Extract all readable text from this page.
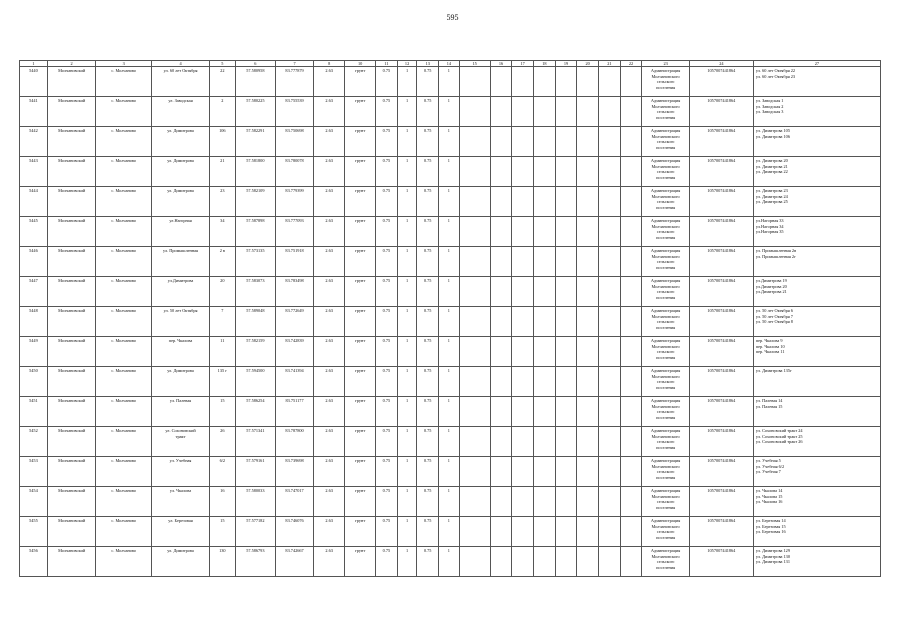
595
1	2	3	4	5	6	7	8	10	11	12	13	14	15	16	17	18	19	20	21	22	23	24	27
5440	Молчановский	с. Молчаново	ул. 60 лет Октября	22	57.580958	83.777879	2.63	грунт	0.75	1	0.75	1									Администрация
Молчановского
сельского
поселения	1057007441864	ул. 60 лет Октября 22
ул. 60 лет Октября 23
5441	Молчановский	с. Молчаново	ул. Заводская	2	57.580225	83.755539	2.63	грунт	0.75	1	0.75	1									Администрация
Молчановского
сельского
поселения	1057007441864	ул. Заводская 1
ул. Заводская 2
ул. Заводская 3
5442	Молчановский	с. Молчаново	ул. Димитрова	106	57.582291	83.750698	2.63	грунт	0.75	1	0.75	1									Администрация
Молчановского
сельского
поселения	1057007441864	ул. Димитрова 105
ул. Димитрова 106
5443	Молчановский	с. Молчаново	ул. Димитрова	21	57.581800	83.780078	2.63	грунт	0.75	1	0.75	1									Администрация
Молчановского
сельского
поселения	1057007441864	ул. Димитрова 20
ул. Димитрова 21
ул. Димитрова 22
5444	Молчановский	с. Молчаново	ул. Димитрова	23	57.582109	83.779399	2.63	грунт	0.75	1	0.75	1									Администрация
Молчановского
сельского
поселения	1057007441864	ул. Димитрова 23
ул. Димитрова 24
ул. Димитрова 25
5445	Молчановский	с. Молчаново	ул.Нагорная	34	57.587898	83.777093	2.63	грунт	0.75	1	0.75	1									Администрация
Молчановского
сельского
поселения	1057007441864	ул.Нагорная 33
ул.Нагорная 34
ул.Нагорная 35
5446	Молчановский	с. Молчаново	ул. Промышленная	2 в	57.573135	83.751918	2.63	грунт	0.75	1	0.75	1									Администрация
Молчановского
сельского
поселения	1057007441864	ул. Промышленная 2в
ул. Промышленная 2г
5447	Молчановский	с. Молчаново	ул.Димитрова	20	57.583073	83.783498	2.63	грунт	0.75	1	0.75	1									Администрация
Молчановского
сельского
поселения	1057007441864	ул.Димитрова 19
ул.Димитрова 20
ул.Димитрова 21
5448	Молчановский	с. Молчаново	ул. 50 лет Октября	7	57.589048	83.772649	2.63	грунт	0.75	1	0.75	1									Администрация
Молчановского
сельского
поселения	1057007441864	ул. 50 лет Октября 6
ул. 50 лет Октября 7
ул. 50 лет Октября 8
5449	Молчановский	с. Молчаново	пер. Чкалова	11	57.582159	83.742839	2.63	грунт	0.75	1	0.75	1									Администрация
Молчановского
сельского
поселения	1057007441864	пер. Чкалова 9
пер. Чкалова 10
пер. Чкалова 11
5450	Молчановский	с. Молчаново	ул. Димитрова	135 г	57.594500	83.741394	2.63	грунт	0.75	1	0.75	1									Администрация
Молчановского
сельского
поселения	1057007441864	ул. Димитрова 135г
5451	Молчановский	с. Молчаново	ул. Палевая	15	57.586254	83.751177	2.63	грунт	0.75	1	0.75	1									Администрация
Молчановского
сельского
поселения	1057007441864	ул. Палевая 14
ул. Палевая 15
5452	Молчановский	с. Молчаново	ул. Сохоновский
тракт	26	57.571341	83.787800	2.63	грунт	0.75	1	0.75	1									Администрация
Молчановского
сельского
поселения	1057007441864	ул. Сохоновский тракт 24
ул. Сохоновский тракт 25
ул. Сохоновский тракт 26
5453	Молчановский	с. Молчаново	ул. Учебная	6/2	57.579161	83.739698	2.63	грунт	0.75	1	0.75	1									Администрация
Молчановского
сельского
поселения	1057007441864	ул. Учебная 5
ул. Учебная 6/2
ул. Учебная 7
5454	Молчановский	с. Молчаново	ул. Чкалова	16	57.580033	83.747017	2.63	грунт	0.75	1	0.75	1									Администрация
Молчановского
сельского
поселения	1057007441864	ул. Чкалова 14
ул. Чкалова 15
ул. Чкалова 16
5455	Молчановский	с. Молчаново	ул. Березовая	15	57.577182	83.746076	2.63	грунт	0.75	1	0.75	1									Администрация
Молчановского
сельского
поселения	1057007441864	ул. Березовая 14
ул. Березовая 15
ул. Березовая 16
5456	Молчановский	с. Молчаново	ул. Димитрова	130	57.586793	83.742667	2.63	грунт	0.75	1	0.75	1									Администрация
Молчановского
сельского
поселения	1057007441864	ул. Димитрова 129
ул. Димитрова 130
ул. Димитрова 131
